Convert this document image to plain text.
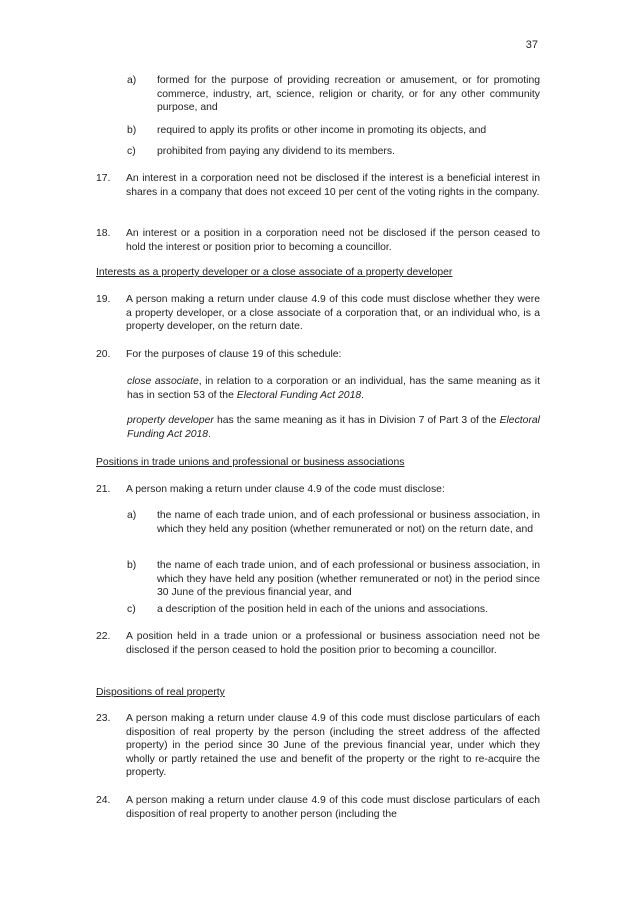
37
a) formed for the purpose of providing recreation or amusement, or for promoting commerce, industry, art, science, religion or charity, or for any other community purpose, and
b) required to apply its profits or other income in promoting its objects, and
c) prohibited from paying any dividend to its members.
17. An interest in a corporation need not be disclosed if the interest is a beneficial interest in shares in a company that does not exceed 10 per cent of the voting rights in the company.
18. An interest or a position in a corporation need not be disclosed if the person ceased to hold the interest or position prior to becoming a councillor.
Interests as a property developer or a close associate of a property developer
19. A person making a return under clause 4.9 of this code must disclose whether they were a property developer, or a close associate of a corporation that, or an individual who, is a property developer, on the return date.
20. For the purposes of clause 19 of this schedule:
close associate, in relation to a corporation or an individual, has the same meaning as it has in section 53 of the Electoral Funding Act 2018.
property developer has the same meaning as it has in Division 7 of Part 3 of the Electoral Funding Act 2018.
Positions in trade unions and professional or business associations
21. A person making a return under clause 4.9 of the code must disclose:
a) the name of each trade union, and of each professional or business association, in which they held any position (whether remunerated or not) on the return date, and
b) the name of each trade union, and of each professional or business association, in which they have held any position (whether remunerated or not) in the period since 30 June of the previous financial year, and
c) a description of the position held in each of the unions and associations.
22. A position held in a trade union or a professional or business association need not be disclosed if the person ceased to hold the position prior to becoming a councillor.
Dispositions of real property
23. A person making a return under clause 4.9 of this code must disclose particulars of each disposition of real property by the person (including the street address of the affected property) in the period since 30 June of the previous financial year, under which they wholly or partly retained the use and benefit of the property or the right to re-acquire the property.
24. A person making a return under clause 4.9 of this code must disclose particulars of each disposition of real property to another person (including the
